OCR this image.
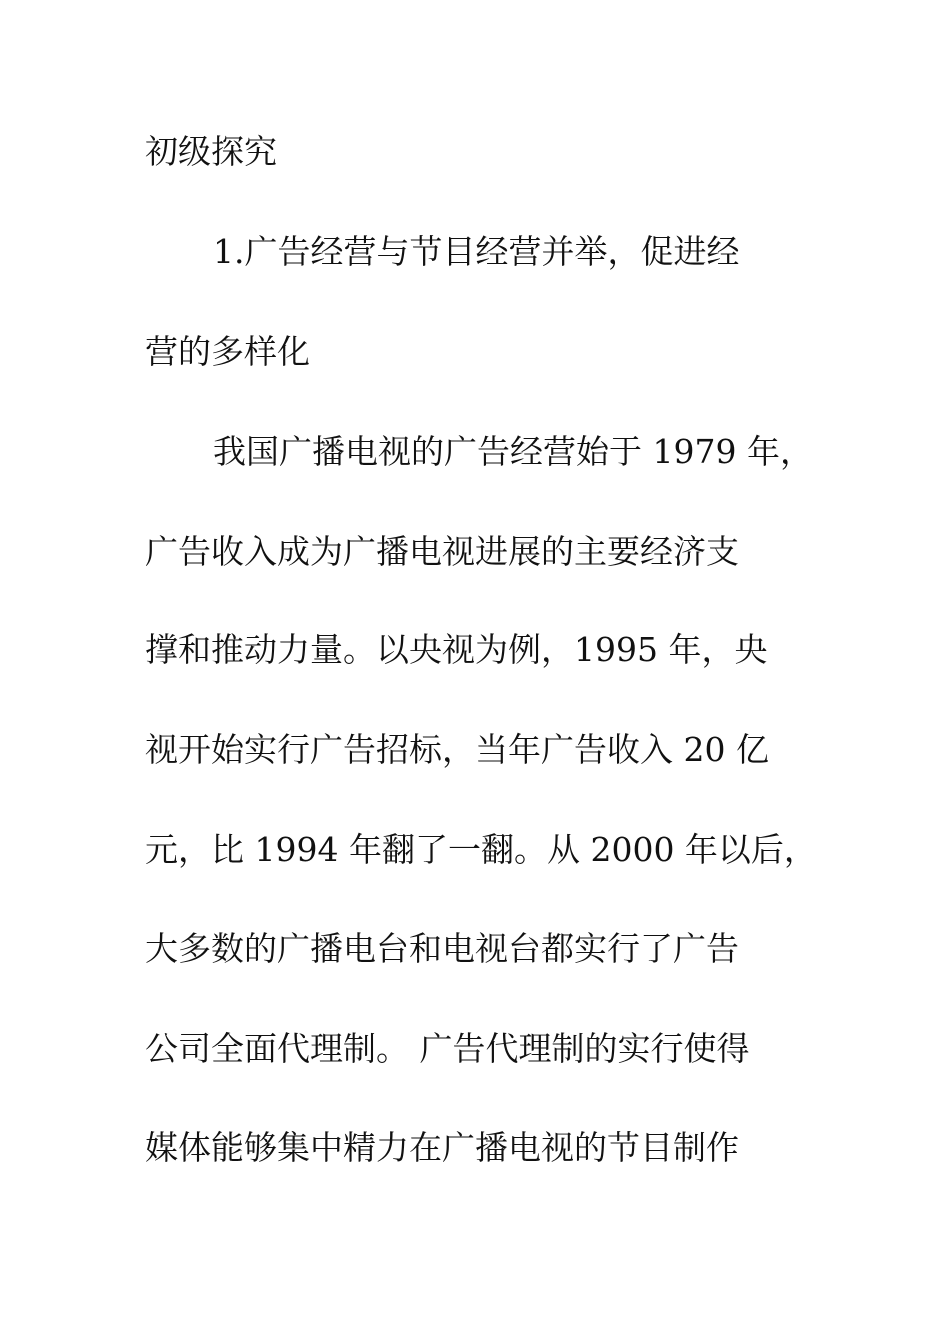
初级探究
1.广告经营与节目经营并举，促进经
营的多样化
我国广播电视的广告经营始于 1979 年，
广告收入成为广播电视进展的主要经济支
撑和推动力量。以央视为例，1995 年，央
视开始实行广告招标，当年广告收入 20 亿
元，比 1994 年翻了一翻。从 2000 年以后，
大多数的广播电台和电视台都实行了广告
公司全面代理制。 广告代理制的实行使得
媒体能够集中精力在广播电视的节目制作
